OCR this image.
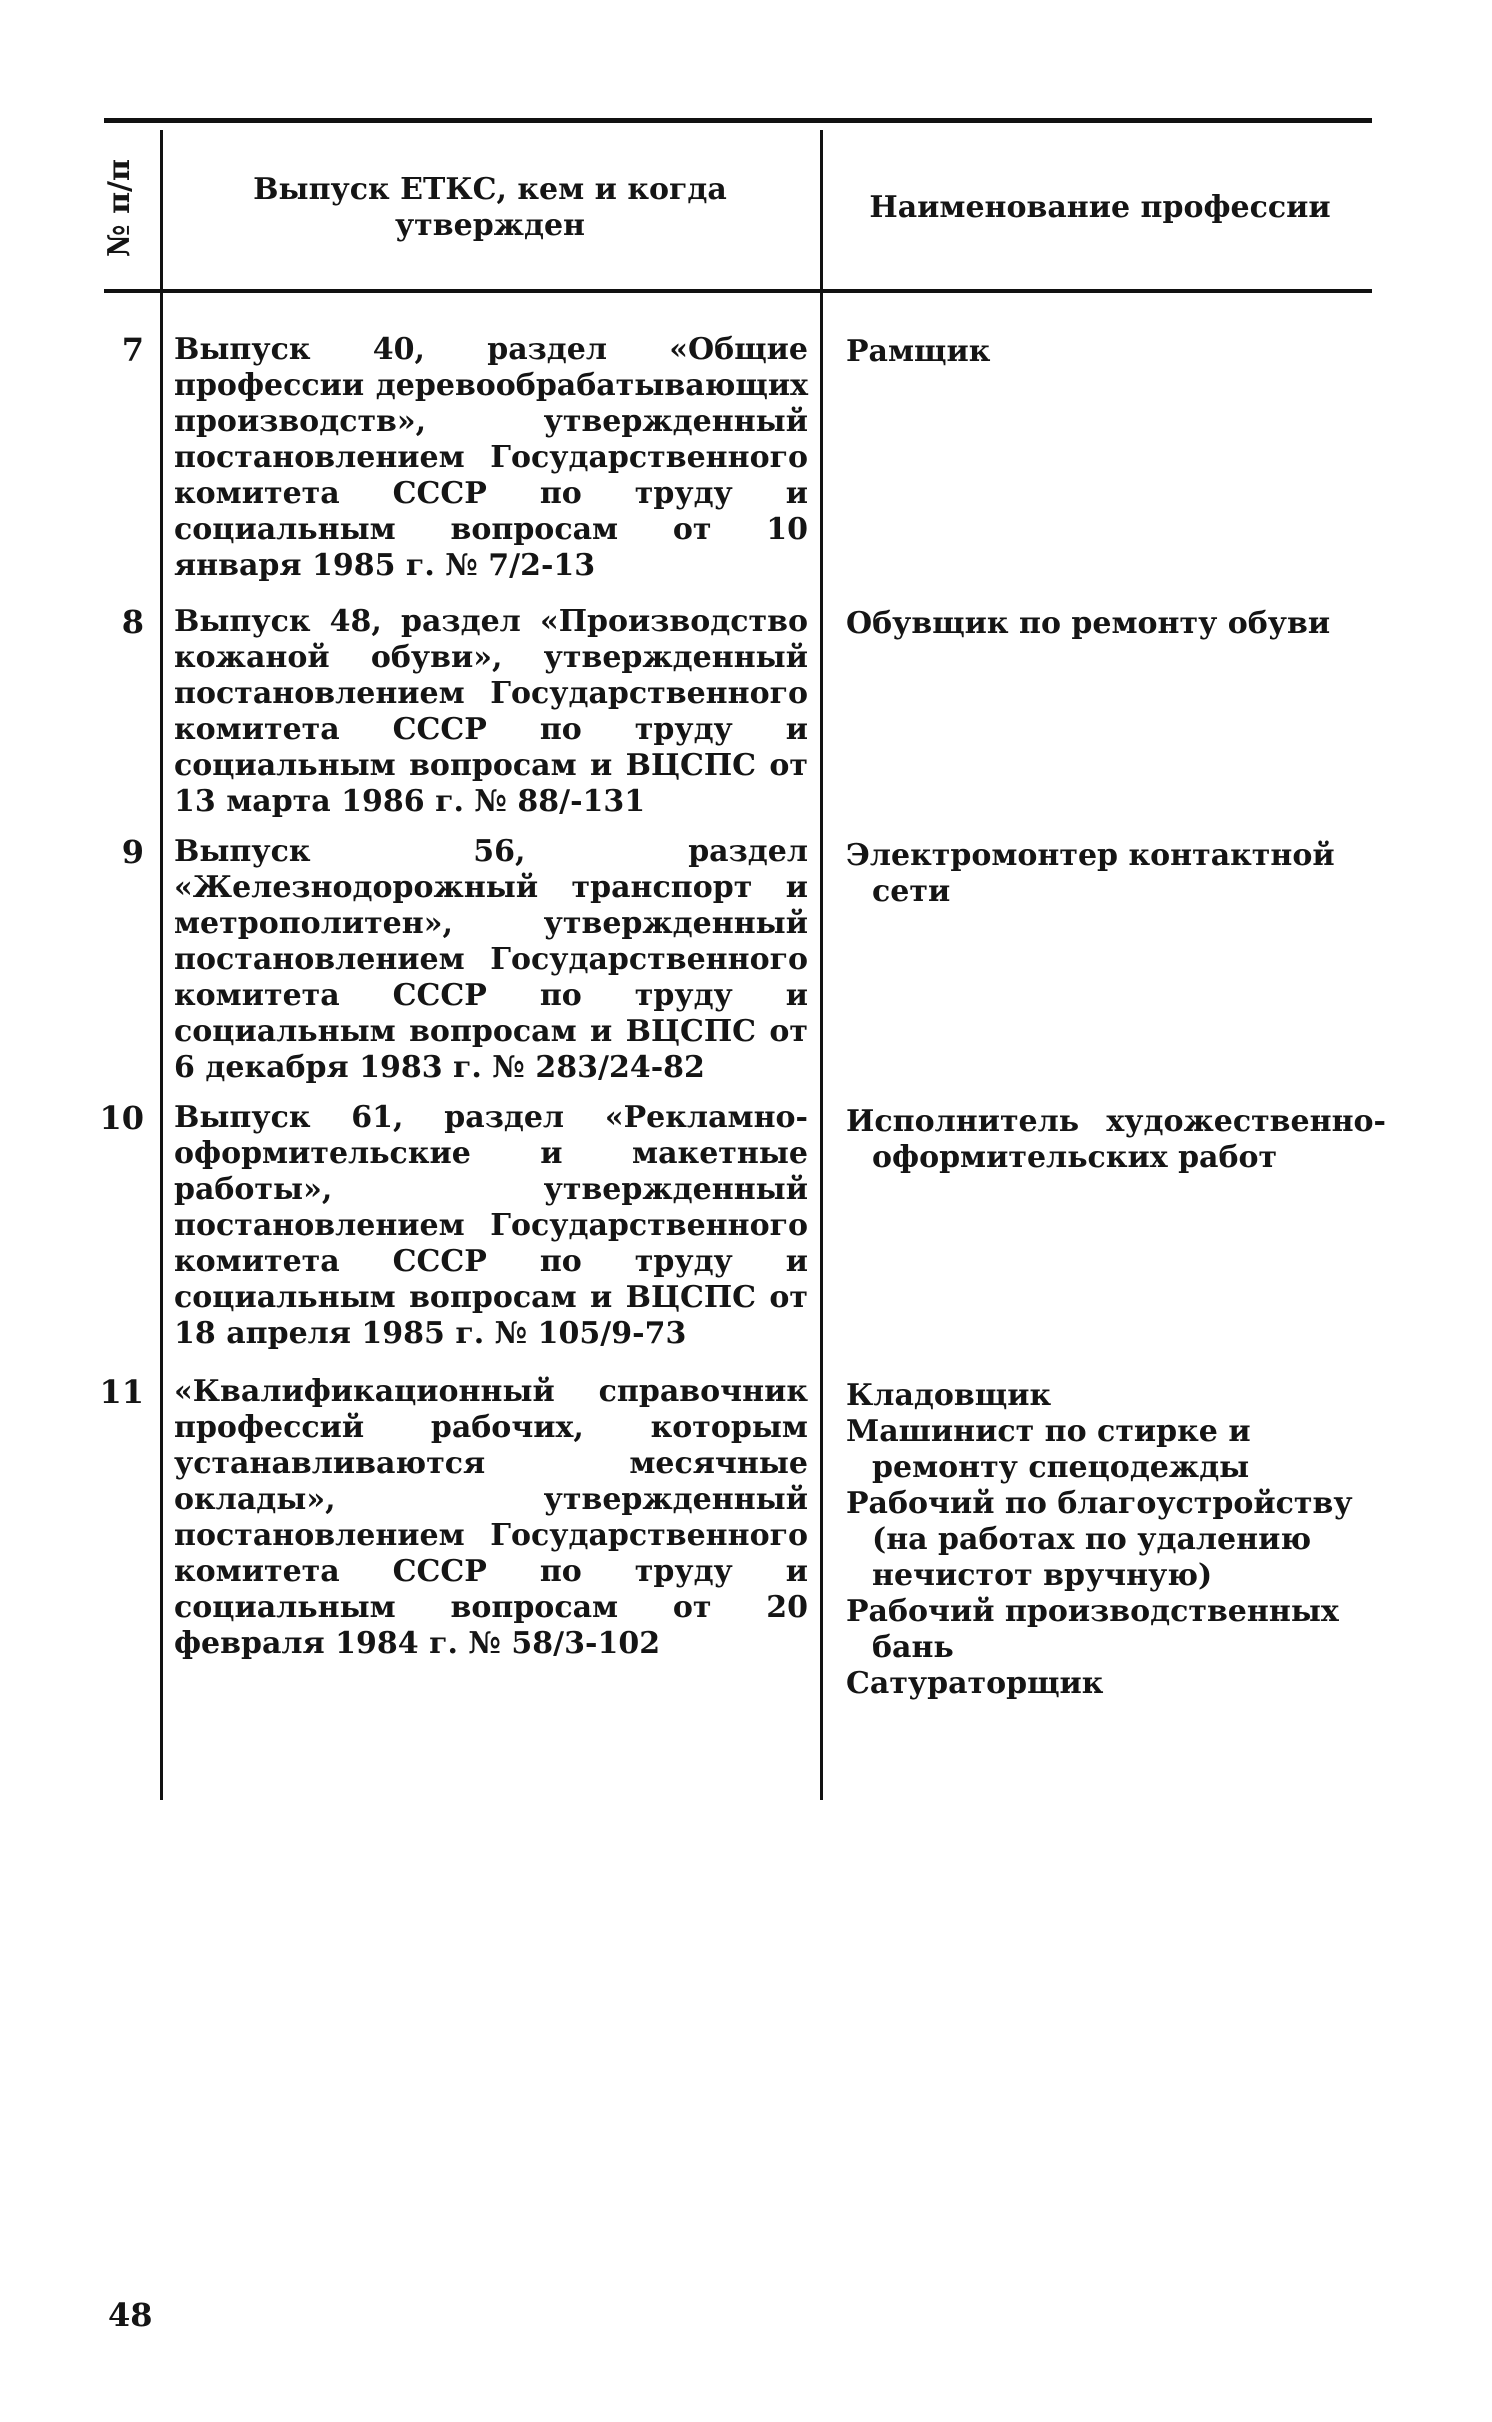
№ п/п	Выпуск ЕТКС, кем и когда утвержден
Наименование профессии
7 Выпуск 40, раздел «Общие профессии деревообрабатывающих производств», утвержденный постановлением Государственного комитета СССР по труду и социальным вопросам от 10 января 1985 г. № 7/2-13

Рамщик

8 Выпуск 48, раздел «Производство кожаной обуви», утвержденный постановлением Государственного комитета СССР по труду и социальным вопросам и ВЦСПС от 13 марта 1986 г. № 88/-131

Обувщик по ремонту обуви

9 Выпуск 56, раздел «Железнодорожный транспорт и метрополитен», утвержденный постановлением Государственного комитета СССР по труду и социальным вопросам и ВЦСПС от 6 декабря 1983 г. № 283/24-82

Электромонтер контактной сети

10 Выпуск 61, раздел «Рекламно-оформительские и макетные работы», утвержденный постановлением Государственного комитета СССР по труду и социальным вопросам и ВЦСПС от 18 апреля 1985 г. № 105/9-73

Исполнитель художественно-оформительских работ

11 «Квалификационный справочник профессий рабочих, которым устанавливаются месячные оклады», утвержденный постановлением Государственного комитета СССР по труду и социальным вопросам от 20 февраля 1984 г. № 58/3-102

Кладовщик

Машинист по стирке и ремонту спецодежды

Рабочий по благоустройству (на работах по удалению нечистот вручную)

Рабочий производственных бань

Сатураторщик

48
